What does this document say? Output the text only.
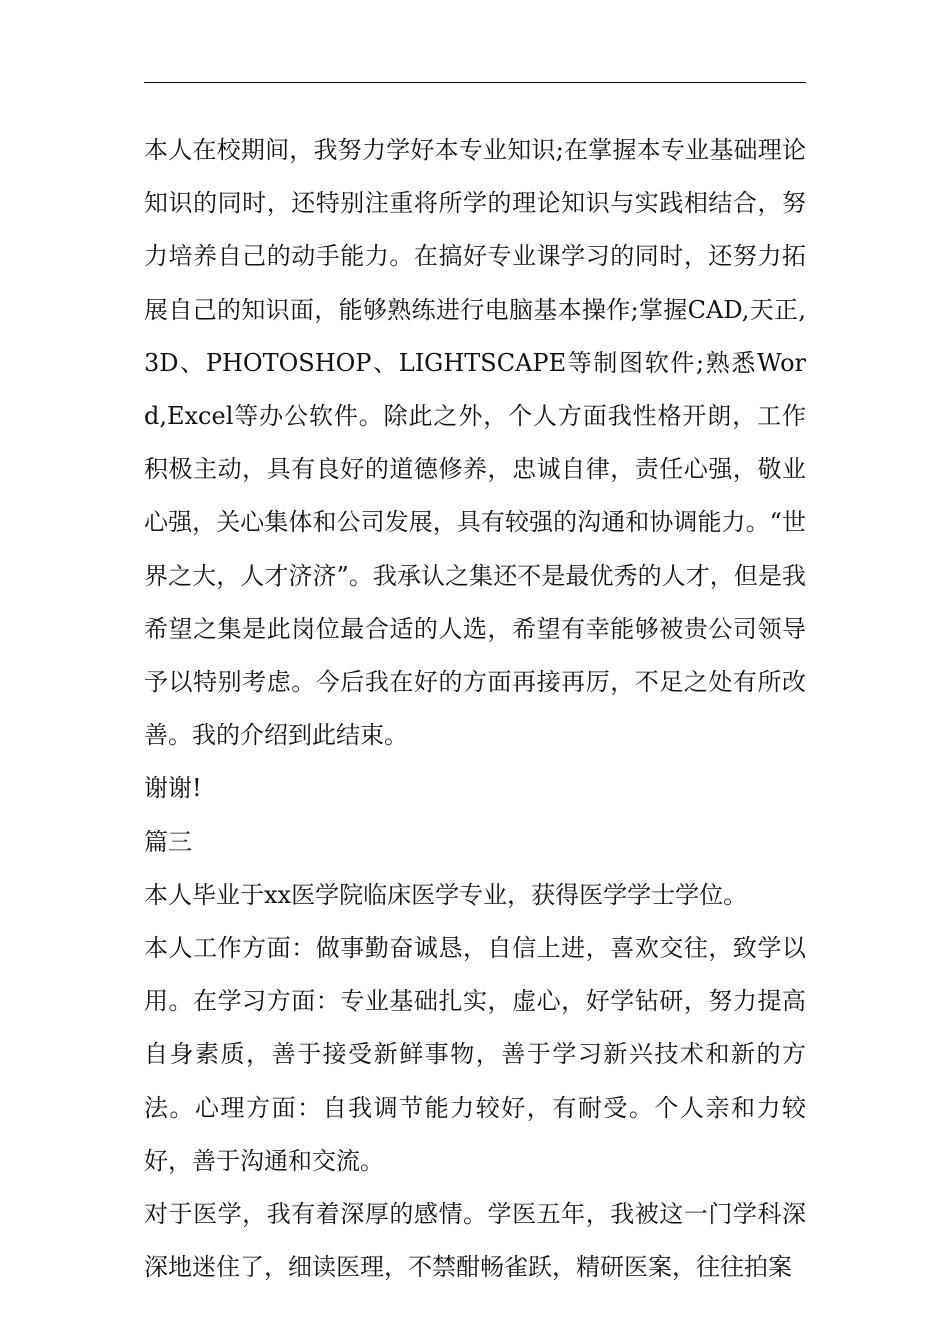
本人在校期间，我努力学好本专业知识;在掌握本专业基础理论知识的同时，还特别注重将所学的理论知识与实践相结合，努力培养自己的动手能力。在搞好专业课学习的同时，还努力拓展自己的知识面，能够熟练进行电脑基本操作;掌握CAD,天正,3D、PHOTOSHOP、LIGHTSCAPE等制图软件;熟悉Word,Excel等办公软件。除此之外，个人方面我性格开朗，工作积极主动，具有良好的道德修养，忠诚自律，责任心强，敬业心强，关心集体和公司发展，具有较强的沟通和协调能力。“世界之大，人才济济”。我承认之集还不是最优秀的人才，但是我希望之集是此岗位最合适的人选，希望有幸能够被贵公司领导予以特别考虑。今后我在好的方面再接再厉，不足之处有所改善。我的介绍到此结束。

谢谢!

篇三

本人毕业于xx医学院临床医学专业，获得医学学士学位。

本人工作方面：做事勤奋诚恳，自信上进，喜欢交往，致学以用。在学习方面：专业基础扎实，虚心，好学钻研，努力提高自身素质，善于接受新鲜事物，善于学习新兴技术和新的方法。心理方面：自我调节能力较好，有耐受。个人亲和力较好，善于沟通和交流。

对于医学，我有着深厚的感情。学医五年，我被这一门学科深深地迷住了，细读医理，不禁酣畅雀跃，精研医案，往往拍案
